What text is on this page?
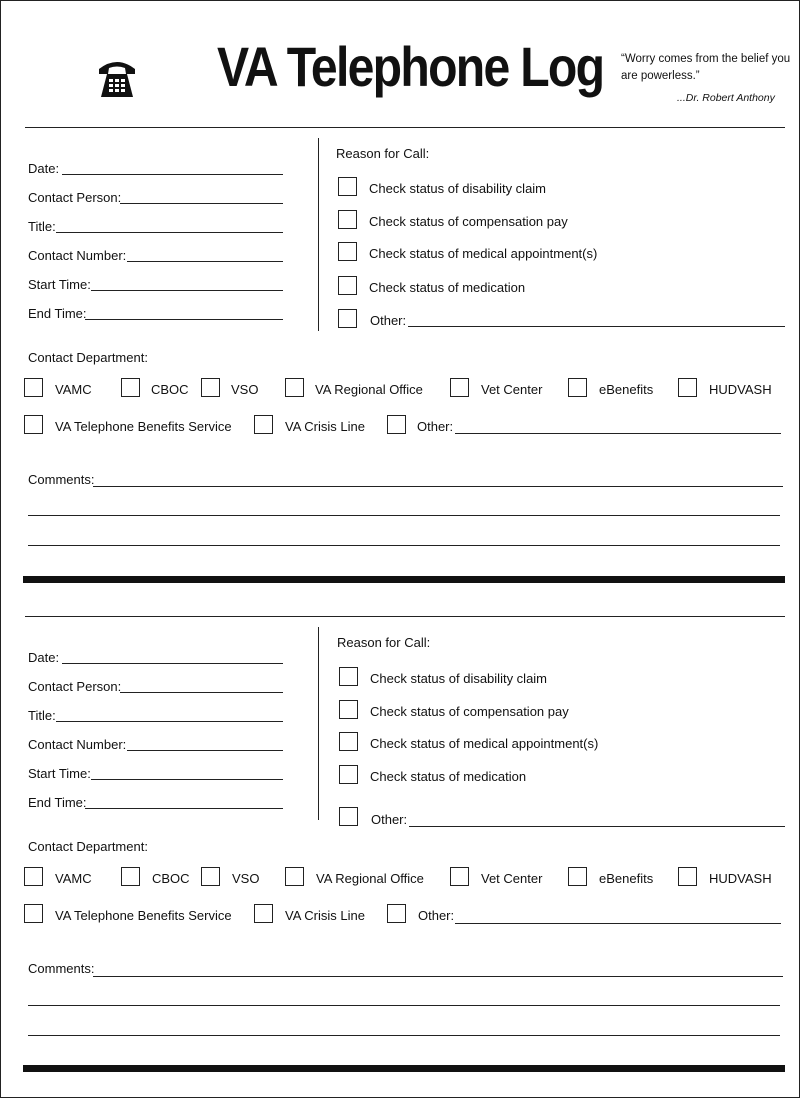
VA Telephone Log “Worry comes from the belief you are powerless.”
...Dr. Robert Anthony
Date:
Contact Person:
Title:
Contact Number:
Start Time:
End Time:
Reason for Call:
Check status of disability claim
Check status of compensation pay
Check status of medical appointment(s)
Check status of medication
Other:
Contact Department:
VAMC	CBOC	VSO	VA Regional Office	Vet Center	eBenefits	HUDVASH
VA Telephone Benefits Service	VA Crisis Line	Other:
Comments:
Date:
Contact Person:
Title:
Contact Number:
Start Time:
End Time:
Reason for Call:
Check status of disability claim
Check status of compensation pay
Check status of medical appointment(s)
Check status of medication
Other:
Contact Department:
VAMC	CBOC	VSO	VA Regional Office	Vet Center	eBenefits	HUDVASH
VA Telephone Benefits Service	VA Crisis Line	Other:
Comments:
